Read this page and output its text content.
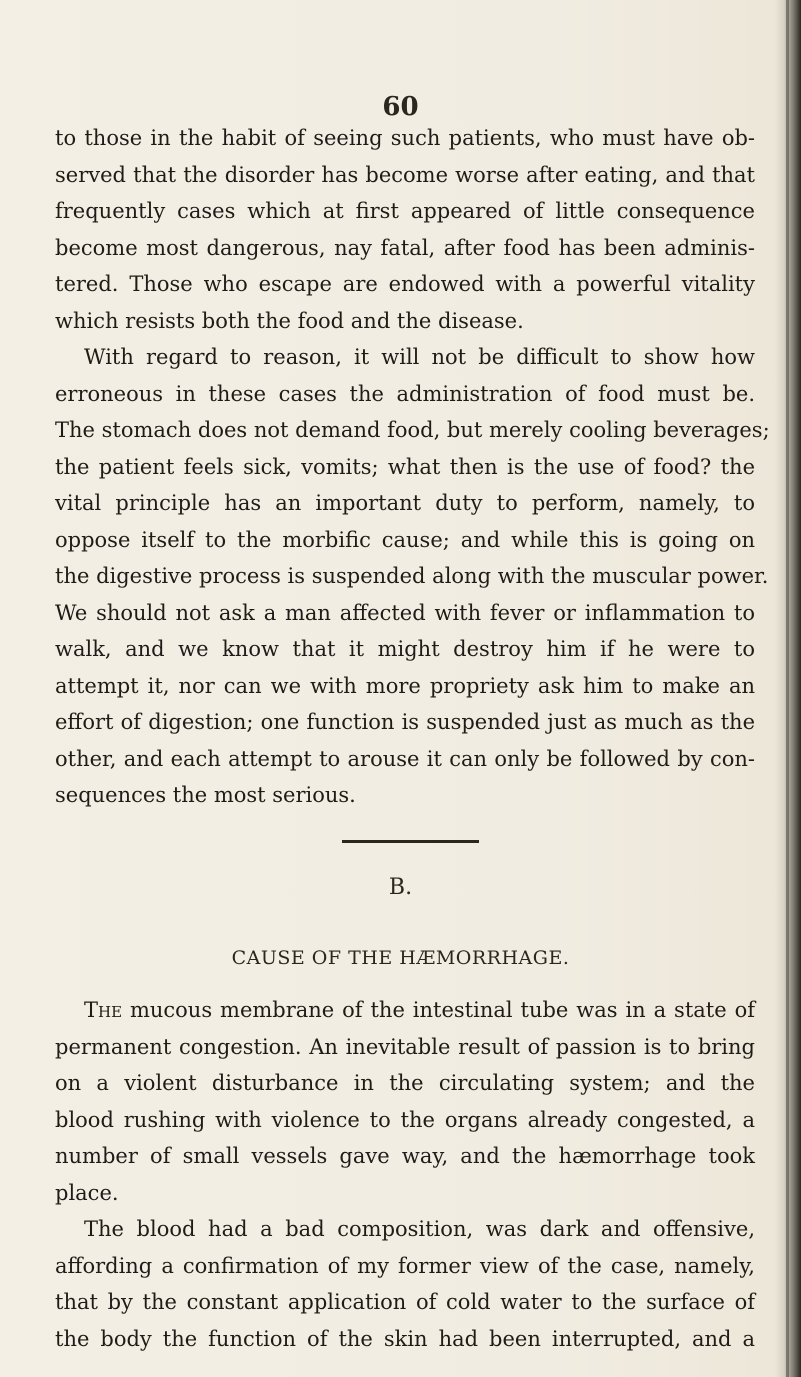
60
to those in the habit of seeing such patients, who must have ob-
served that the disorder has become worse after eating, and that
frequently cases which at first appeared of little consequence
become most dangerous, nay fatal, after food has been adminis-
tered. Those who escape are endowed with a powerful vitality
which resists both the food and the disease.
With regard to reason, it will not be difficult to show how
erroneous in these cases the administration of food must be.
The stomach does not demand food, but merely cooling beverages;
the patient feels sick, vomits; what then is the use of food? the
vital principle has an important duty to perform, namely, to
oppose itself to the morbific cause; and while this is going on
the digestive process is suspended along with the muscular power.
We should not ask a man affected with fever or inflammation to
walk, and we know that it might destroy him if he were to
attempt it, nor can we with more propriety ask him to make an
effort of digestion; one function is suspended just as much as the
other, and each attempt to arouse it can only be followed by con-
sequences the most serious.
B.
CAUSE OF THE HÆMORRHAGE.
The mucous membrane of the intestinal tube was in a state of
permanent congestion. An inevitable result of passion is to bring
on a violent disturbance in the circulating system; and the
blood rushing with violence to the organs already congested, a
number of small vessels gave way, and the hæmorrhage took
place.
The blood had a bad composition, was dark and offensive,
affording a confirmation of my former view of the case, namely,
that by the constant application of cold water to the surface of
the body the function of the skin had been interrupted, and a
